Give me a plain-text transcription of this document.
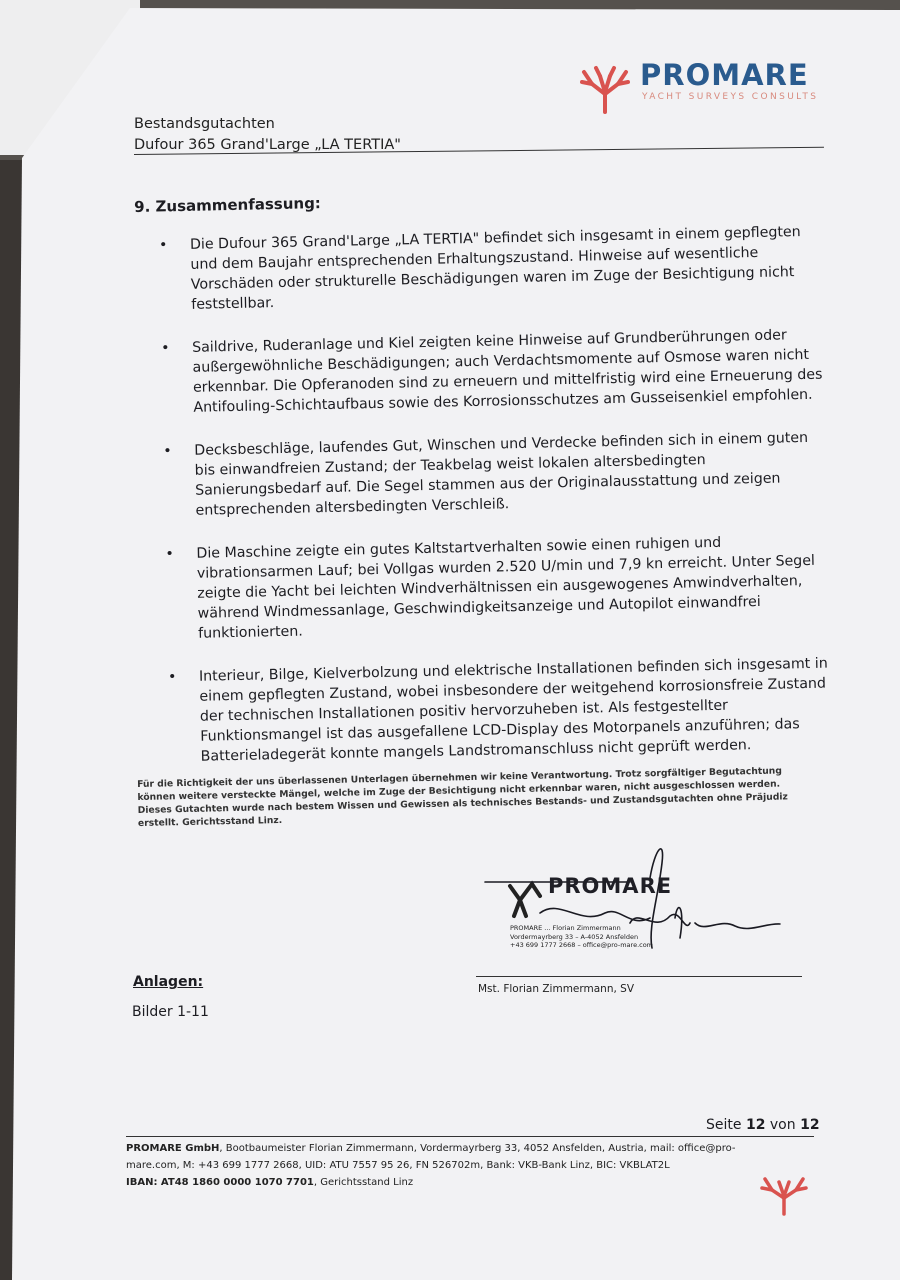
PROMARE
YACHT SURVEYS CONSULTS
Bestandsgutachten
Dufour 365 Grand'Large „LA TERTIA"
9. Zusammenfassung:
• Die Dufour 365 Grand'Large „LA TERTIA" befindet sich insgesamt in einem gepflegten und dem Baujahr entsprechenden Erhaltungszustand. Hinweise auf wesentliche Vorschäden oder strukturelle Beschädigungen waren im Zuge der Besichtigung nicht feststellbar.
• Saildrive, Ruderanlage und Kiel zeigten keine Hinweise auf Grundberührungen oder außergewöhnliche Beschädigungen; auch Verdachtsmomente auf Osmose waren nicht erkennbar. Die Opferanoden sind zu erneuern und mittelfristig wird eine Erneuerung des Antifouling-Schichtaufbaus sowie des Korrosionsschutzes am Gusseisenkiel empfohlen.
• Decksbeschläge, laufendes Gut, Winschen und Verdecke befinden sich in einem guten bis einwandfreien Zustand; der Teakbelag weist lokalen altersbedingten Sanierungsbedarf auf. Die Segel stammen aus der Originalausstattung und zeigen entsprechenden altersbedingten Verschleiß.
• Die Maschine zeigte ein gutes Kaltstartverhalten sowie einen ruhigen und vibrationsarmen Lauf; bei Vollgas wurden 2.520 U/min und 7,9 kn erreicht. Unter Segel zeigte die Yacht bei leichten Windverhältnissen ein ausgewogenes Amwindverhalten, während Windmessanlage, Geschwindigkeitsanzeige und Autopilot einwandfrei funktionierten.
• Interieur, Bilge, Kielverbolzung und elektrische Installationen befinden sich insgesamt in einem gepflegten Zustand, wobei insbesondere der weitgehend korrosionsfreie Zustand der technischen Installationen positiv hervorzuheben ist. Als festgestellter Funktionsmangel ist das ausgefallene LCD-Display des Motorpanels anzuführen; das Batterieladegerät konnte mangels Landstromanschluss nicht geprüft werden.
Für die Richtigkeit der uns überlassenen Unterlagen übernehmen wir keine Verantwortung. Trotz sorgfältiger Begutachtung können weitere versteckte Mängel, welche im Zuge der Besichtigung nicht erkennbar waren, nicht ausgeschlossen werden. Dieses Gutachten wurde nach bestem Wissen und Gewissen als technisches Bestands- und Zustandsgutachten ohne Präjudiz erstellt. Gerichtsstand Linz.
PROMARE
PROMARE ... Florian Zimmermann
Vordermayrberg 33 – A-4052 Ansfelden
+43 699 1777 2668 – office@pro-mare.com
Anlagen:
Bilder 1-11
Mst. Florian Zimmermann, SV
Seite 12 von 12
PROMARE GmbH, Bootbaumeister Florian Zimmermann, Vordermayrberg 33, 4052 Ansfelden, Austria, mail: office@pro-
mare.com, M: +43 699 1777 2668, UID: ATU 7557 95 26, FN 526702m, Bank: VKB-Bank Linz, BIC: VKBLAT2L
IBAN: AT48 1860 0000 1070 7701, Gerichtsstand Linz
